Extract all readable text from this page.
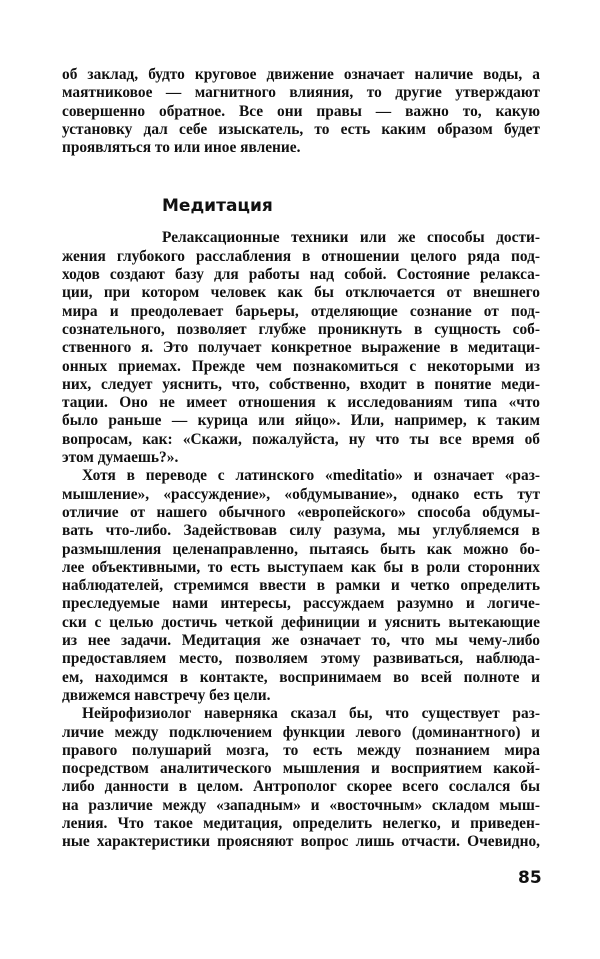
об заклад, будто круговое движение означает наличие воды, а
маятниковое — магнитного влияния, то другие утверждают
совершенно обратное. Все они правы — важно то, какую
установку дал себе изыскатель, то есть каким образом будет
проявляться то или иное явление.
Медитация
Релаксационные техники или же способы дости-
жения глубокого расслабления в отношении целого ряда под-
ходов создают базу для работы над собой. Состояние релакса-
ции, при котором человек как бы отключается от внешнего
мира и преодолевает барьеры, отделяющие сознание от под-
сознательного, позволяет глубже проникнуть в сущность соб-
ственного я. Это получает конкретное выражение в медитаци-
онных приемах. Прежде чем познакомиться с некоторыми из
них, следует уяснить, что, собственно, входит в понятие меди-
тации. Оно не имеет отношения к исследованиям типа «что
было раньше — курица или яйцо». Или, например, к таким
вопросам, как: «Скажи, пожалуйста, ну что ты все время об
этом думаешь?».
Хотя в переводе с латинского «meditatio» и означает «раз-
мышление», «рассуждение», «обдумывание», однако есть тут
отличие от нашего обычного «европейского» способа обдумы-
вать что-либо. Задействовав силу разума, мы углубляемся в
размышления целенаправленно, пытаясь быть как можно бо-
лее объективными, то есть выступаем как бы в роли сторонних
наблюдателей, стремимся ввести в рамки и четко определить
преследуемые нами интересы, рассуждаем разумно и логиче-
ски с целью достичь четкой дефиниции и уяснить вытекающие
из нее задачи. Медитация же означает то, что мы чему-либо
предоставляем место, позволяем этому развиваться, наблюда-
ем, находимся в контакте, воспринимаем во всей полноте и
движемся навстречу без цели.
Нейрофизиолог наверняка сказал бы, что существует раз-
личие между подключением функции левого (доминантного) и
правого полушарий мозга, то есть между познанием мира
посредством аналитического мышления и восприятием какой-
либо данности в целом. Антрополог скорее всего сослался бы
на различие между «западным» и «восточным» складом мыш-
ления. Что такое медитация, определить нелегко, и приведен-
ные характеристики проясняют вопрос лишь отчасти. Очевидно,
85
